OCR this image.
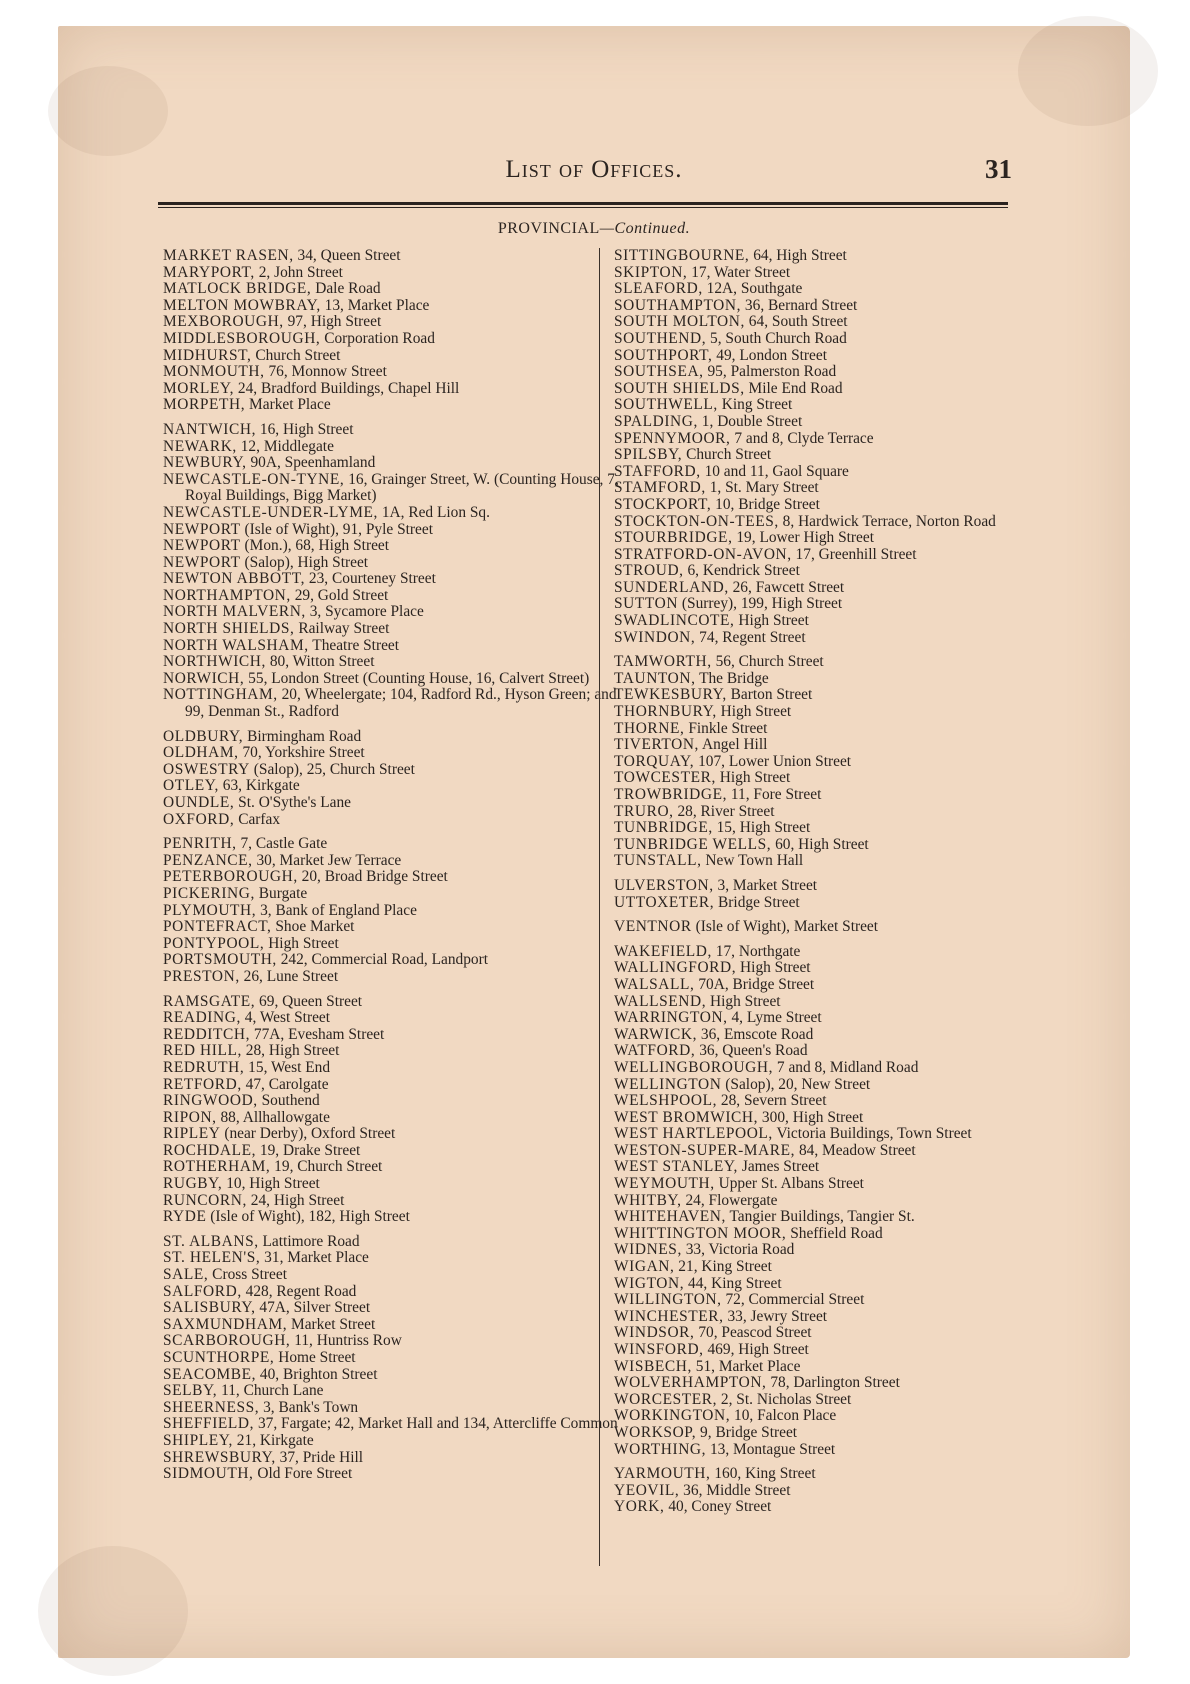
List of Offices.	31
PROVINCIAL—Continued.
MARKET RASEN, 34, Queen Street
MARYPORT, 2, John Street
MATLOCK BRIDGE, Dale Road
MELTON MOWBRAY, 13, Market Place
MEXBOROUGH, 97, High Street
MIDDLESBOROUGH, Corporation Road
MIDHURST, Church Street
MONMOUTH, 76, Monnow Street
MORLEY, 24, Bradford Buildings, Chapel Hill
MORPETH, Market Place
NANTWICH, 16, High Street
NEWARK, 12, Middlegate
NEWBURY, 90A, Speenhamland
NEWCASTLE-ON-TYNE, 16, Grainger Street, W. (Counting House, 7, Royal Buildings, Bigg Market)
NEWCASTLE-UNDER-LYME, 1A, Red Lion Sq.
NEWPORT (Isle of Wight), 91, Pyle Street
NEWPORT (Mon.), 68, High Street
NEWPORT (Salop), High Street
NEWTON ABBOTT, 23, Courteney Street
NORTHAMPTON, 29, Gold Street
NORTH MALVERN, 3, Sycamore Place
NORTH SHIELDS, Railway Street
NORTH WALSHAM, Theatre Street
NORTHWICH, 80, Witton Street
NORWICH, 55, London Street (Counting House, 16, Calvert Street)
NOTTINGHAM, 20, Wheelergate; 104, Radford Rd., Hyson Green; and 99, Denman St., Radford
OLDBURY, Birmingham Road
OLDHAM, 70, Yorkshire Street
OSWESTRY (Salop), 25, Church Street
OTLEY, 63, Kirkgate
OUNDLE, St. O'Sythe's Lane
OXFORD, Carfax
PENRITH, 7, Castle Gate
PENZANCE, 30, Market Jew Terrace
PETERBOROUGH, 20, Broad Bridge Street
PICKERING, Burgate
PLYMOUTH, 3, Bank of England Place
PONTEFRACT, Shoe Market
PONTYPOOL, High Street
PORTSMOUTH, 242, Commercial Road, Landport
PRESTON, 26, Lune Street
RAMSGATE, 69, Queen Street
READING, 4, West Street
REDDITCH, 77A, Evesham Street
RED HILL, 28, High Street
REDRUTH, 15, West End
RETFORD, 47, Carolgate
RINGWOOD, Southend
RIPON, 88, Allhallowgate
RIPLEY (near Derby), Oxford Street
ROCHDALE, 19, Drake Street
ROTHERHAM, 19, Church Street
RUGBY, 10, High Street
RUNCORN, 24, High Street
RYDE (Isle of Wight), 182, High Street
ST. ALBANS, Lattimore Road
ST. HELEN'S, 31, Market Place
SALE, Cross Street
SALFORD, 428, Regent Road
SALISBURY, 47A, Silver Street
SAXMUNDHAM, Market Street
SCARBOROUGH, 11, Huntriss Row
SCUNTHORPE, Home Street
SEACOMBE, 40, Brighton Street
SELBY, 11, Church Lane
SHEERNESS, 3, Bank's Town
SHEFFIELD, 37, Fargate; 42, Market Hall and 134, Attercliffe Common
SHIPLEY, 21, Kirkgate
SHREWSBURY, 37, Pride Hill
SIDMOUTH, Old Fore Street
SITTINGBOURNE, 64, High Street
SKIPTON, 17, Water Street
SLEAFORD, 12A, Southgate
SOUTHAMPTON, 36, Bernard Street
SOUTH MOLTON, 64, South Street
SOUTHEND, 5, South Church Road
SOUTHPORT, 49, London Street
SOUTHSEA, 95, Palmerston Road
SOUTH SHIELDS, Mile End Road
SOUTHWELL, King Street
SPALDING, 1, Double Street
SPENNYMOOR, 7 and 8, Clyde Terrace
SPILSBY, Church Street
STAFFORD, 10 and 11, Gaol Square
STAMFORD, 1, St. Mary Street
STOCKPORT, 10, Bridge Street
STOCKTON-ON-TEES, 8, Hardwick Terrace, Norton Road
STOURBRIDGE, 19, Lower High Street
STRATFORD-ON-AVON, 17, Greenhill Street
STROUD, 6, Kendrick Street
SUNDERLAND, 26, Fawcett Street
SUTTON (Surrey), 199, High Street
SWADLINCOTE, High Street
SWINDON, 74, Regent Street
TAMWORTH, 56, Church Street
TAUNTON, The Bridge
TEWKESBURY, Barton Street
THORNBURY, High Street
THORNE, Finkle Street
TIVERTON, Angel Hill
TORQUAY, 107, Lower Union Street
TOWCESTER, High Street
TROWBRIDGE, 11, Fore Street
TRURO, 28, River Street
TUNBRIDGE, 15, High Street
TUNBRIDGE WELLS, 60, High Street
TUNSTALL, New Town Hall
ULVERSTON, 3, Market Street
UTTOXETER, Bridge Street
VENTNOR (Isle of Wight), Market Street
WAKEFIELD, 17, Northgate
WALLINGFORD, High Street
WALSALL, 70A, Bridge Street
WALLSEND, High Street
WARRINGTON, 4, Lyme Street
WARWICK, 36, Emscote Road
WATFORD, 36, Queen's Road
WELLINGBOROUGH, 7 and 8, Midland Road
WELLINGTON (Salop), 20, New Street
WELSHPOOL, 28, Severn Street
WEST BROMWICH, 300, High Street
WEST HARTLEPOOL, Victoria Buildings, Town Street
WESTON-SUPER-MARE, 84, Meadow Street
WEST STANLEY, James Street
WEYMOUTH, Upper St. Albans Street
WHITBY, 24, Flowergate
WHITEHAVEN, Tangier Buildings, Tangier St.
WHITTINGTON MOOR, Sheffield Road
WIDNES, 33, Victoria Road
WIGAN, 21, King Street
WIGTON, 44, King Street
WILLINGTON, 72, Commercial Street
WINCHESTER, 33, Jewry Street
WINDSOR, 70, Peascod Street
WINSFORD, 469, High Street
WISBECH, 51, Market Place
WOLVERHAMPTON, 78, Darlington Street
WORCESTER, 2, St. Nicholas Street
WORKINGTON, 10, Falcon Place
WORKSOP, 9, Bridge Street
WORTHING, 13, Montague Street
YARMOUTH, 160, King Street
YEOVIL, 36, Middle Street
YORK, 40, Coney Street
